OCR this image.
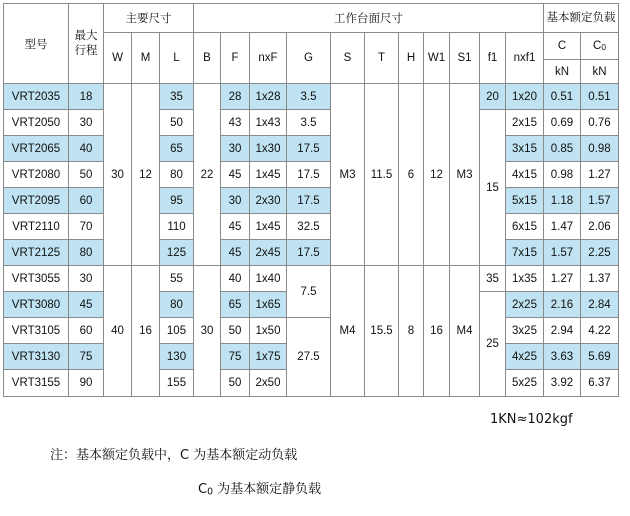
型号	最大行程	主要尺寸			工作台面尺寸											基本额定负载	
		W	M	L	B	F	nxF	G	S	T	H	W1	S1	f1	nxf1	C	$C_0$
																kN	kN
VRT2035	18	30	12	35	22	28	1x28	3.5	M3	11.5	6	12	M3	20	1x20	0.51	0.51
VRT2050	30			50		43	1x43	3.5						15	2x15	0.69	0.76
VRT2065	40			65		30	1x30	17.5							3x15	0.85	0.98
VRT2080	50			80		45	1x45	17.5							4x15	0.98	1.27
VRT2095	60			95		30	2x30	17.5							5x15	1.18	1.57
VRT2110	70			110		45	1x45	32.5							6x15	1.47	2.06
VRT2125	80			125		45	2x45	17.5							7x15	1.57	2.25
VRT3055	30	40	16	55	30	40	1x40	7.5	M4	15.5	8	16	M4	35	1x35	1.27	1.37
VRT3080	45			80		65	1x65							25	2x25	2.16	2.84
VRT3105	60			105		50	1x50	27.5							3x25	2.94	4.22
VRT3130	75			130		75	1x75								4x25	3.63	5.69
VRT3155	90			155		50	2x50								5x25	3.92	6.37
1KN≈102kgf
注：基本额定负载中，C 为基本额定动负载
$C_0$ 为基本额定静负载
